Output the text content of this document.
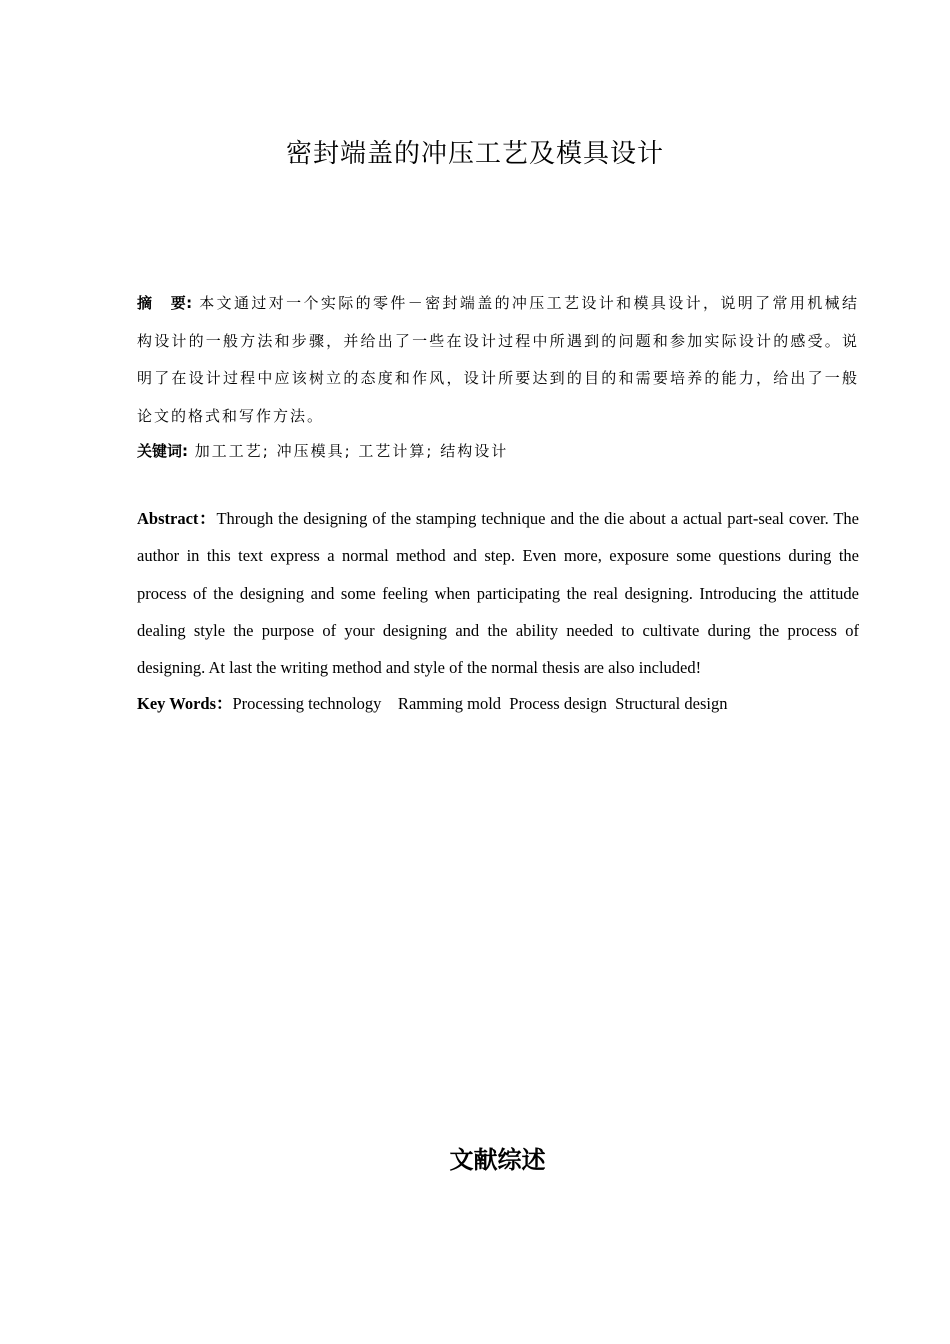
密封端盖的冲压工艺及模具设计
摘 要: 本文通过对一个实际的零件－密封端盖的冲压工艺设计和模具设计，说明了常用机械结构设计的一般方法和步骤，并给出了一些在设计过程中所遇到的问题和参加实际设计的感受。说明了在设计过程中应该树立的态度和作风，设计所要达到的目的和需要培养的能力，给出了一般论文的格式和写作方法。
关键词: 加工工艺; 冲压模具; 工艺计算; 结构设计
Abstract：Through the designing of the stamping technique and the die about a actual part-seal cover. The author in this text express a normal method and step. Even more, exposure some questions during the process of the designing and some feeling when participating the real designing. Introducing the attitude dealing style the purpose of your designing and the ability needed to cultivate during the process of designing. At last the writing method and style of the normal thesis are also included!
Key Words：Processing technology    Ramming mold  Process design  Structural design
文献综述
